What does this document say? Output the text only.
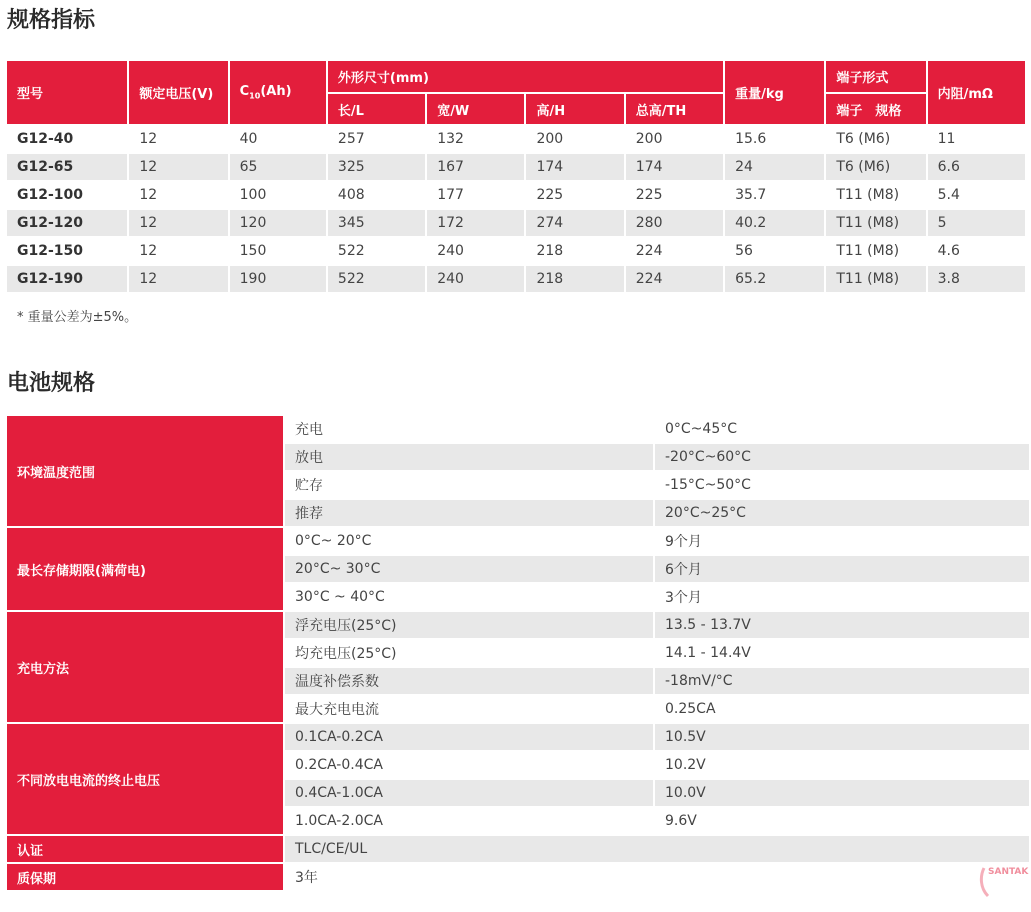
规格指标
型号	额定电压(V)	$C_{10}(Ah)$	外形尺寸(mm)				重量/kg	端子形式	内阻/mΩ
			长/L	宽/W	高/H	总高/TH		端子　规格	
G12-40	12	40	257	132	200	200	15.6	T6 (M6)	11
G12-65	12	65	325	167	174	174	24	T6 (M6)	6.6
G12-100	12	100	408	177	225	225	35.7	T11 (M8)	5.4
G12-120	12	120	345	172	274	280	40.2	T11 (M8)	5
G12-150	12	150	522	240	218	224	56	T11 (M8)	4.6
G12-190	12	190	522	240	218	224	65.2	T11 (M8)	3.8
* 重量公差为±5%。
电池规格
环境温度范围	充电	0°C~45°C
	放电	-20°C~60°C
	贮存	-15°C~50°C
	推荐	20°C~25°C
最长存储期限(满荷电)	0°C~ 20°C	9个月
	20°C~ 30°C	6个月
	30°C ~ 40°C	3个月
充电方法	浮充电压(25°C)	13.5 - 13.7V
	均充电压(25°C)	14.1 - 14.4V
	温度补偿系数	-18mV/°C
	最大充电电流	0.25CA
不同放电电流的终止电压	0.1CA-0.2CA	10.5V
	0.2CA-0.4CA	10.2V
	0.4CA-1.0CA	10.0V
	1.0CA-2.0CA	9.6V
认证	TLC/CE/UL	
质保期	3年		SANTAK
